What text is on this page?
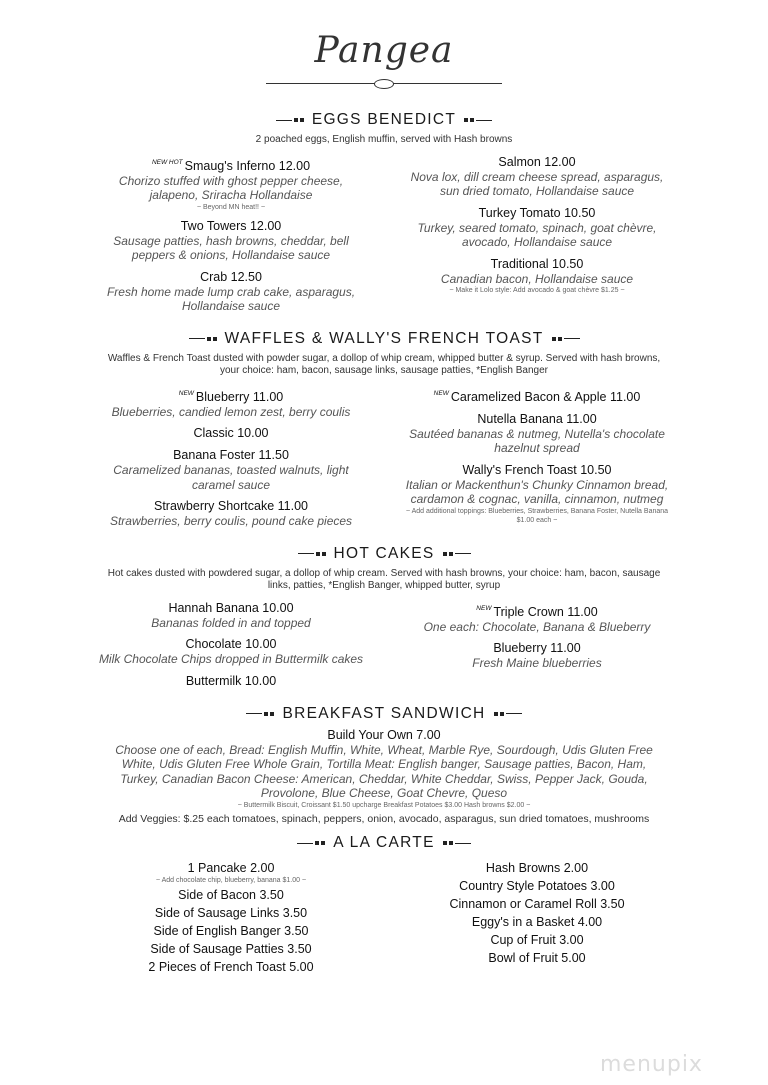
Pangea
EGGS BENEDICT
2 poached eggs, English muffin, served with Hash browns
$^{NEW HOT}$ Smaug's Inferno 12.00
Chorizo stuffed with ghost pepper cheese, jalapeno, Sriracha Hollandaise
~ Beyond MN heat!! ~
Two Towers 12.00
Sausage patties, hash browns, cheddar, bell peppers & onions, Hollandaise sauce
Crab 12.50
Fresh home made lump crab cake, asparagus, Hollandaise sauce
Salmon 12.00
Nova lox, dill cream cheese spread, asparagus, sun dried tomato, Hollandaise sauce
Turkey Tomato 10.50
Turkey, seared tomato, spinach, goat chèvre, avocado, Hollandaise sauce
Traditional 10.50
Canadian bacon, Hollandaise sauce
~ Make it Lolo style: Add avocado & goat chèvre $1.25 ~
WAFFLES & WALLY'S FRENCH TOAST
Waffles & French Toast dusted with powder sugar, a dollop of whip cream, whipped butter & syrup. Served with hash browns, your choice: ham, bacon, sausage links, sausage patties, *English Banger
$^{NEW}$ Blueberry 11.00
Blueberries, candied lemon zest, berry coulis
Classic 10.00
Banana Foster 11.50
Caramelized bananas, toasted walnuts, light caramel sauce
Strawberry Shortcake 11.00
Strawberries, berry coulis, pound cake pieces
$^{NEW}$ Caramelized Bacon & Apple 11.00
Nutella Banana 11.00
Sautéed bananas & nutmeg, Nutella's chocolate hazelnut spread
Wally's French Toast 10.50
Italian or Mackenthun's Chunky Cinnamon bread, cardamon & cognac, vanilla, cinnamon, nutmeg
~ Add additional toppings: Blueberries, Strawberries, Banana Foster, Nutella Banana $1.00 each ~
HOT CAKES
Hot cakes dusted with powdered sugar, a dollop of whip cream. Served with hash browns, your choice: ham, bacon, sausage links, patties, *English Banger, whipped butter, syrup
Hannah Banana 10.00
Bananas folded in and topped
Chocolate 10.00
Milk Chocolate Chips dropped in Buttermilk cakes
Buttermilk 10.00
$^{NEW}$ Triple Crown 11.00
One each: Chocolate, Banana & Blueberry
Blueberry 11.00
Fresh Maine blueberries
BREAKFAST SANDWICH
Build Your Own 7.00
Choose one of each, Bread: English Muffin, White, Wheat, Marble Rye, Sourdough, Udis Gluten Free White, Udis Gluten Free Whole Grain, Tortilla Meat: English banger, Sausage patties, Bacon, Ham, Turkey, Canadian Bacon Cheese: American, Cheddar, White Cheddar, Swiss, Pepper Jack, Gouda, Provolone, Blue Cheese, Goat Chevre, Queso
~ Buttermilk Biscuit, Croissant $1.50 upcharge Breakfast Potatoes $3.00 Hash browns $2.00 ~
Add Veggies: $.25 each tomatoes, spinach, peppers, onion, avocado, asparagus, sun dried tomatoes, mushrooms
A LA CARTE
1 Pancake 2.00
~ Add chocolate chip, blueberry, banana $1.00 ~
Side of Bacon 3.50
Side of Sausage Links 3.50
Side of English Banger 3.50
Side of Sausage Patties 3.50
2 Pieces of French Toast 5.00
Hash Browns 2.00
Country Style Potatoes 3.00
Cinnamon or Caramel Roll 3.50
Eggy's in a Basket 4.00
Cup of Fruit 3.00
Bowl of Fruit 5.00
menupix
